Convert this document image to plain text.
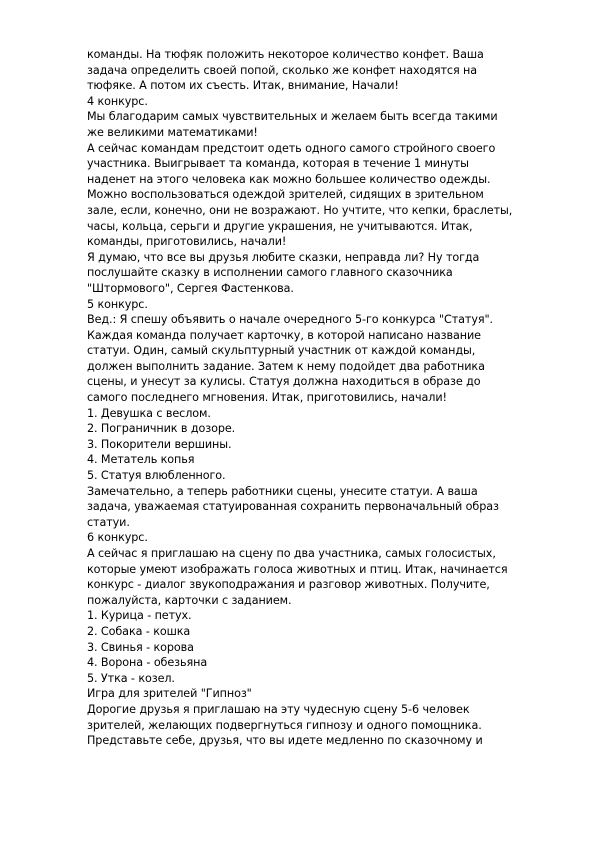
команды. На тюфяк положить некоторое количество конфет. Ваша
задача определить своей попой, сколько же конфет находятся на
тюфяке. А потом их съесть. Итак, внимание, Начали!
4 конкурс.
Мы благодарим самых чувствительных и желаем быть всегда такими
же великими математиками!
А сейчас командам предстоит одеть одного самого стройного своего
участника. Выигрывает та команда, которая в течение 1 минуты
наденет на этого человека как можно большее количество одежды.
Можно воспользоваться одеждой зрителей, сидящих в зрительном
зале, если, конечно, они не возражают. Но учтите, что кепки, браслеты,
часы, кольца, серьги и другие украшения, не учитываются. Итак,
команды, приготовились, начали!
Я думаю, что все вы друзья любите сказки, неправда ли? Ну тогда
послушайте сказку в исполнении самого главного сказочника
"Штормового", Сергея Фастенкова.
5 конкурс.
Вед.: Я спешу объявить о начале очередного 5-го конкурса "Статуя".
Каждая команда получает карточку, в которой написано название
статуи. Один, самый скульптурный участник от каждой команды,
должен выполнить задание. Затем к нему подойдет два работника
сцены, и унесут за кулисы. Статуя должна находиться в образе до
самого последнего мгновения. Итак, приготовились, начали!
1. Девушка с веслом.
2. Пограничник в дозоре.
3. Покорители вершины.
4. Метатель копья
5. Статуя влюбленного.
Замечательно, а теперь работники сцены, унесите статуи. А ваша
задача, уважаемая статуированная сохранить первоначальный образ
статуи.
6 конкурс.
А сейчас я приглашаю на сцену по два участника, самых голосистых,
которые умеют изображать голоса животных и птиц. Итак, начинается
конкурс - диалог звукоподражания и разговор животных. Получите,
пожалуйста, карточки с заданием.
1. Курица - петух.
2. Собака - кошка
3. Свинья - корова
4. Ворона - обезьяна
5. Утка - козел.
Игра для зрителей "Гипноз"
Дорогие друзья я приглашаю на эту чудесную сцену 5-6 человек
зрителей, желающих подвергнуться гипнозу и одного помощника.
Представьте себе, друзья, что вы идете медленно по сказочному и
